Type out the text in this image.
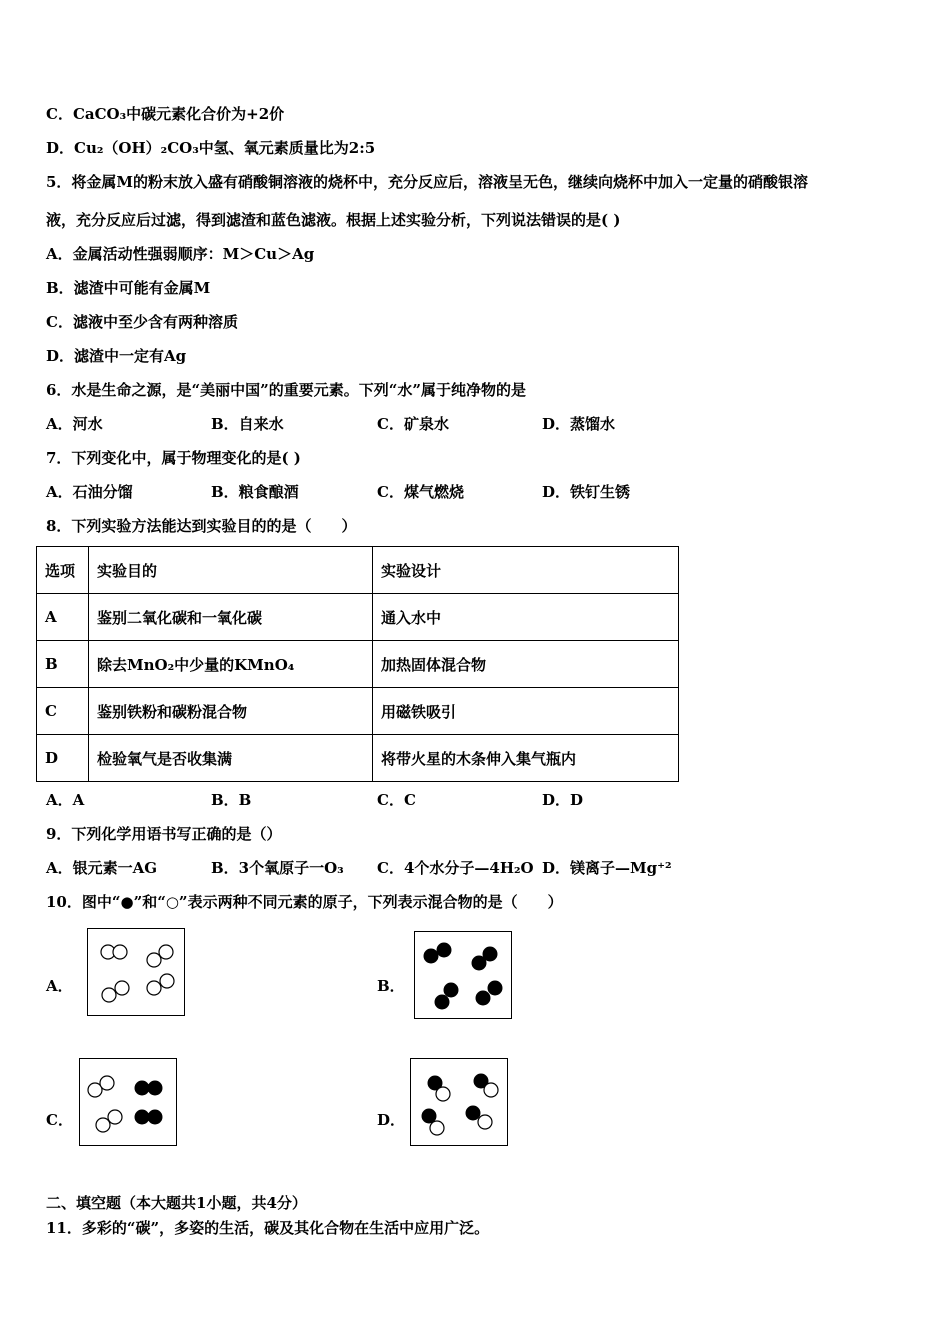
C．CaCO₃中碳元素化合价为+2价
D．Cu₂（OH）₂CO₃中氢、氧元素质量比为2:5
5．将金属M的粉末放入盛有硝酸铜溶液的烧杯中，充分反应后，溶液呈无色，继续向烧杯中加入一定量的硝酸银溶
液，充分反应后过滤，得到滤渣和蓝色滤液。根据上述实验分析，下列说法错误的是( )
A．金属活动性强弱顺序：M＞Cu＞Ag
B．滤渣中可能有金属M
C．滤液中至少含有两种溶质
D．滤渣中一定有Ag
6．水是生命之源，是“美丽中国”的重要元素。下列“水”属于纯净物的是
A．河水	B．自来水	C．矿泉水	D．蒸馏水
7．下列变化中，属于物理变化的是( )
A．石油分馏	B．粮食酿酒	C．煤气燃烧	D．铁钉生锈
8．下列实验方法能达到实验目的的是（　　）
选项	实验目的	实验设计
A	鉴别二氧化碳和一氧化碳	通入水中
B	除去MnO₂中少量的KMnO₄	加热固体混合物
C	鉴别铁粉和碳粉混合物	用磁铁吸引
D	检验氧气是否收集满	将带火星的木条伸入集气瓶内
A．A	B．B	C．C	D．D
9．下列化学用语书写正确的是（）
A．银元素一AG	B．3个氧原子一O₃ C．4个水分子—4H₂O D．镁离子—Mg⁺²
10．图中“●”和“○”表示两种不同元素的原子，下列表示混合物的是（　　）
A．	B．
C．	D．
二、填空题（本大题共1小题，共4分）
11．多彩的“碳”，多姿的生活，碳及其化合物在生活中应用广泛。
